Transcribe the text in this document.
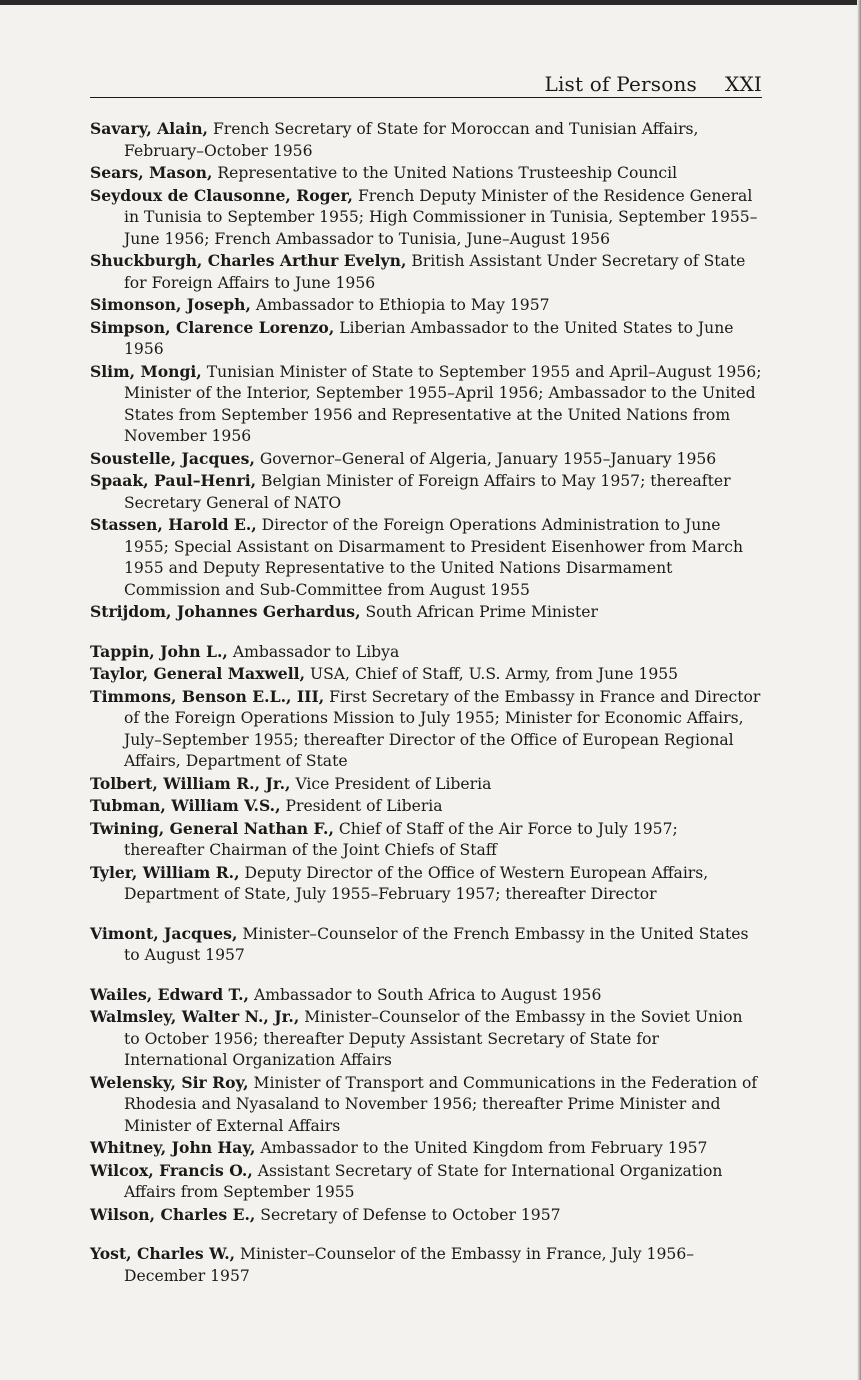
List of Persons XXI
Savary, Alain, French Secretary of State for Moroccan and Tunisian Affairs, February–October 1956
Sears, Mason, Representative to the United Nations Trusteeship Council
Seydoux de Clausonne, Roger, French Deputy Minister of the Residence General in Tunisia to September 1955; High Commissioner in Tunisia, September 1955–June 1956; French Ambassador to Tunisia, June–August 1956
Shuckburgh, Charles Arthur Evelyn, British Assistant Under Secretary of State for Foreign Affairs to June 1956
Simonson, Joseph, Ambassador to Ethiopia to May 1957
Simpson, Clarence Lorenzo, Liberian Ambassador to the United States to June 1956
Slim, Mongi, Tunisian Minister of State to September 1955 and April–August 1956; Minister of the Interior, September 1955–April 1956; Ambassador to the United States from September 1956 and Representative at the United Nations from November 1956
Soustelle, Jacques, Governor–General of Algeria, January 1955–January 1956
Spaak, Paul–Henri, Belgian Minister of Foreign Affairs to May 1957; thereafter Secretary General of NATO
Stassen, Harold E., Director of the Foreign Operations Administration to June 1955; Special Assistant on Disarmament to President Eisenhower from March 1955 and Deputy Representative to the United Nations Disarmament Commission and Sub-Committee from August 1955
Strijdom, Johannes Gerhardus, South African Prime Minister
Tappin, John L., Ambassador to Libya
Taylor, General Maxwell, USA, Chief of Staff, U.S. Army, from June 1955
Timmons, Benson E.L., III, First Secretary of the Embassy in France and Director of the Foreign Operations Mission to July 1955; Minister for Economic Affairs, July–September 1955; thereafter Director of the Office of European Regional Affairs, Department of State
Tolbert, William R., Jr., Vice President of Liberia
Tubman, William V.S., President of Liberia
Twining, General Nathan F., Chief of Staff of the Air Force to July 1957; thereafter Chairman of the Joint Chiefs of Staff
Tyler, William R., Deputy Director of the Office of Western European Affairs, Department of State, July 1955–February 1957; thereafter Director
Vimont, Jacques, Minister–Counselor of the French Embassy in the United States to August 1957
Wailes, Edward T., Ambassador to South Africa to August 1956
Walmsley, Walter N., Jr., Minister–Counselor of the Embassy in the Soviet Union to October 1956; thereafter Deputy Assistant Secretary of State for International Organization Affairs
Welensky, Sir Roy, Minister of Transport and Communications in the Federation of Rhodesia and Nyasaland to November 1956; thereafter Prime Minister and Minister of External Affairs
Whitney, John Hay, Ambassador to the United Kingdom from February 1957
Wilcox, Francis O., Assistant Secretary of State for International Organization Affairs from September 1955
Wilson, Charles E., Secretary of Defense to October 1957
Yost, Charles W., Minister–Counselor of the Embassy in France, July 1956–December 1957
